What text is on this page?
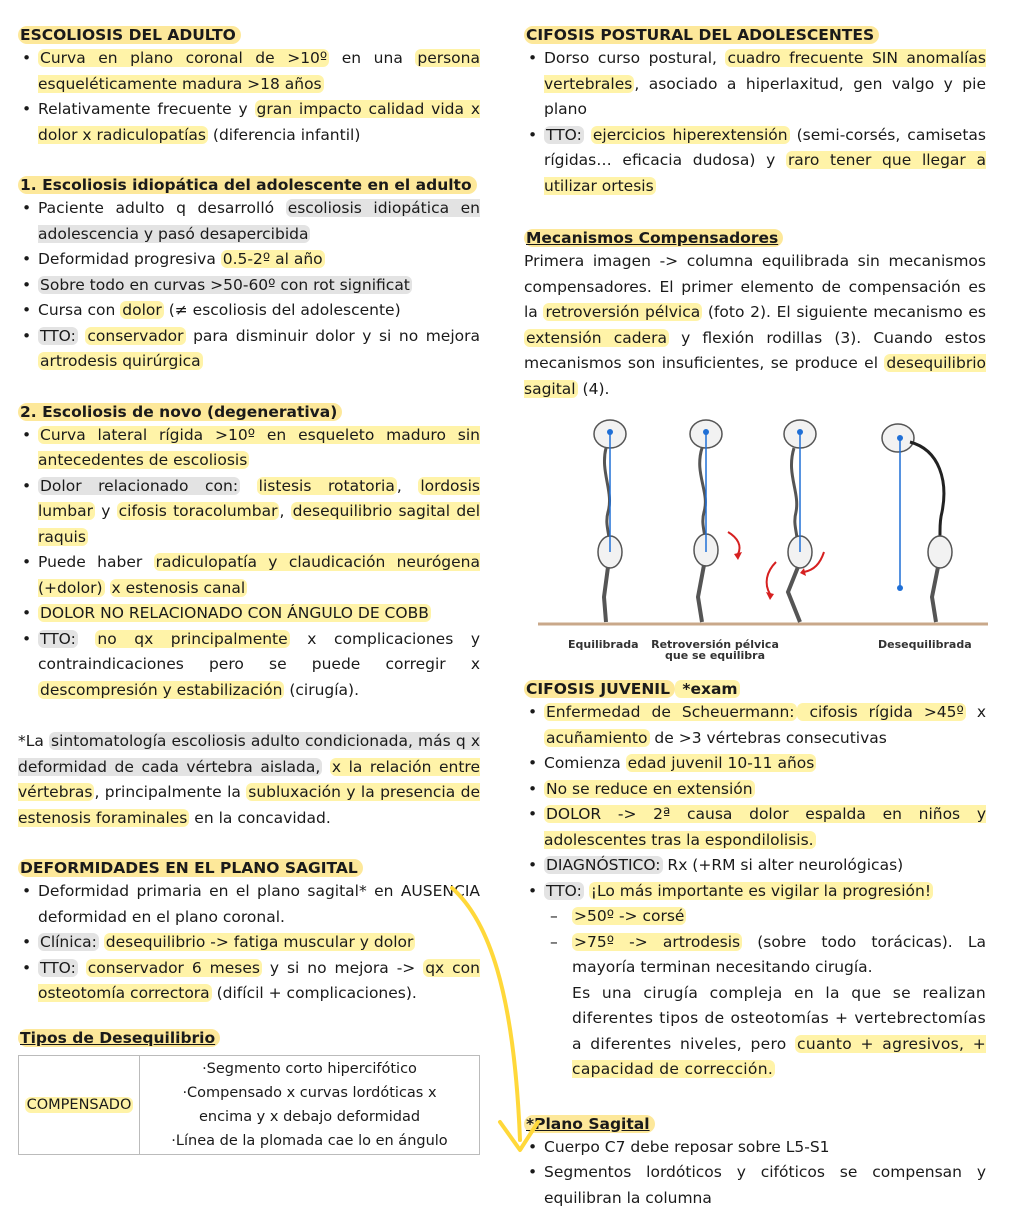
ESCOLIOSIS DEL ADULTO
• Curva en plano coronal de >10º en una persona esqueléticamente madura >18 años
• Relativamente frecuente y gran impacto calidad vida x dolor x radiculopatías (diferencia infantil)
1. Escoliosis idiopática del adolescente en el adulto
• Paciente adulto q desarrolló escoliosis idiopática en adolescencia y pasó desapercibida
• Deformidad progresiva 0.5-2º al año
• Sobre todo en curvas >50-60º con rot significat
• Cursa con dolor (≠ escoliosis del adolescente)
• TTO: conservador para disminuir dolor y si no mejora artrodesis quirúrgica
2. Escoliosis de novo (degenerativa)
• Curva lateral rígida >10º en esqueleto maduro sin antecedentes de escoliosis
• Dolor relacionado con: listesis rotatoria , lordosis lumbar y cifosis toracolumbar , desequilibrio sagital del raquis
• Puede haber radiculopatía y claudicación neurógena (+dolor) x estenosis canal
• DOLOR NO RELACIONADO CON ÁNGULO DE COBB
• TTO: no qx principalmente x complicaciones y contraindicaciones pero se puede corregir x descompresión y estabilización (cirugía).

*La sintomatología escoliosis adulto condicionada, más q x deformidad de cada vértebra aislada, x la relación entre vértebras , principalmente la subluxación y la presencia de estenosis foraminales en la concavidad.

DEFORMIDADES EN EL PLANO SAGITAL
• Deformidad primaria en el plano sagital* en AUSENCIA deformidad en el plano coronal.
• Clínica: desequilibrio -> fatiga muscular y dolor
• TTO: conservador 6 meses y si no mejora -> qx con osteotomía correctora (difícil + complicaciones).
Tipos de Desequilibrio
COMPENSADO	
·Segmento corto hipercifótico
·Compensado x curvas lordóticas x
encima y x debajo deformidad
·Línea de la plomada cae lo en ángulo
CIFOSIS POSTURAL DEL ADOLESCENTES
• Dorso curso postural, cuadro frecuente SIN anomalías vertebrales , asociado a hiperlaxitud, gen valgo y pie plano
• TTO: ejercicios hiperextensión (semi-corsés, camisetas rígidas… eficacia dudosa) y raro tener que llegar a utilizar ortesis
Mecanismos Compensadores

Primera imagen -> columna equilibrada sin mecanismos compensadores. El primer elemento de compensación es la retroversión pélvica (foto 2). El siguiente mecanismo es extensión cadera y flexión rodillas (3). Cuando estos mecanismos son insuficientes, se produce el desequilibrio sagital (4).

Equilibrada Retroversión pélvica
que se equilibra
Desequilibrada
CIFOSIS JUVENIL *exam
• Enfermedad de Scheuermann: cifosis rígida >45º x acuñamiento de >3 vértebras consecutivas
• Comienza edad juvenil 10-11 años
• No se reduce en extensión
• DOLOR -> 2ª causa dolor espalda en niños y adolescentes tras la espondilolisis.
• DIAGNÓSTICO: Rx (+RM si alter neurológicas)
• TTO: ¡Lo más importante es vigilar la progresión!
– >50º -> corsé
– >75º -> artrodesis (sobre todo torácicas). La mayoría terminan necesitando cirugía.
Es una cirugía compleja en la que se realizan diferentes tipos de osteotomías + vertebrectomías a diferentes niveles, pero cuanto + agresivos, + capacidad de corrección.
*Plano Sagital
• Cuerpo C7 debe reposar sobre L5-S1
• Segmentos lordóticos y cifóticos se compensan y equilibran la columna
